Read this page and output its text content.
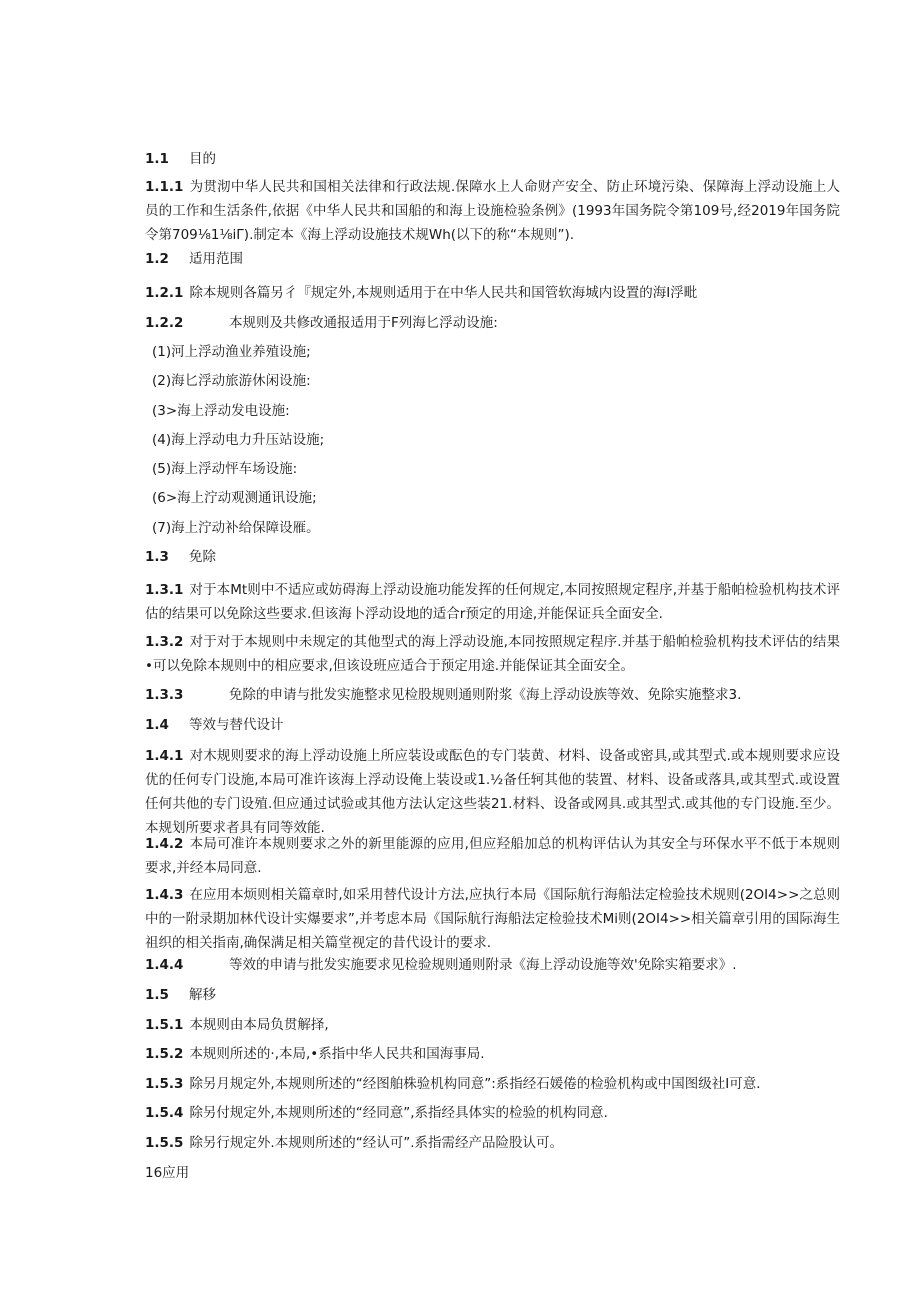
1.1 目的
1.1.1 为贯沏中华人民共和国相关法律和行政法规.保障水上人命财产安全、防止环境污染、保障海上浮动设施上人员的工作和生活条件,依据《中华人民共和国船的和海上设施检验条例》(1993年国务院令第109号,经2019年国务院令第709⅛1⅛iΓ).制定本《海上浮动设施技术规Wh(以下的称“本规则”).
1.2 适用范围
1.2.1 除本规则各篇另彳『规定外,本规则适用于在中华人民共和国管软海城内设置的海I浮毗
1.2.2	本规则及共修改通报适用于F列海匕浮动设施:
(1)河上浮动渔业养殖设施;
(2)海匕浮动旅游休闲设施:
(3>海上浮动发电设施:
(4)海上浮动电力升压站设施;
(5)海上浮动怦车场设施:
(6>海上泞动观测通讯设施;
(7)海上泞动补给保障设雁。
1.3 免除
1.3.1 对于本Mt则中不适应或妨碍海上浮动设施功能发挥的任何规定,本同按照规定程序,并基于船帕检验机构技术评估的结果可以免除这些要求.但该海卜浮动设地的适合r预定的用途,并能保证兵全面安全.
1.3.2 对于对于本规则中未规定的其他型式的海上浮动设施,本同按照规定程序.并基于船帕检验机构技术评估的结果•可以免除本规则中的相应要求,但该设班应适合于预定用途.并能保证其全面安全。
1.3.3	免除的申请与批发实施整求见检股规则通则附浆《海上浮动设族等效、免除实施整求3.
1.4 等效与替代设计
1.4.1 对木规则要求的海上浮动设施上所应装设或酝色的专门装黄、材料、设备或密具,或其型式.或本规则要求应设优的任何专门设施,本局可准许该海上浮动设俺上装设或1.½备任轲其他的装置、材料、设备或落具,或其型式.或设置任何共他的专门设殖.但应通过试验或其他方法认定这些装21.材料、设备或网具.或其型式.或其他的专门设施.至少。本规划所要求者具有同等效能.
1.4.2 本局可准许本规则要求之外的新里能源的应用,但应羟船加总的机构评估认为其安全与环保水平不低于本规则要求,并经本局同意.
1.4.3 在应用本烦则相关篇章时,如采用替代设计方法,应执行本局《国际航行海船法定检验技术规则(2OI4>>之总则中的一附录期加林代设计实爆要求”,并考虑本局《国际航行海船法定检验技术Mi则(2OI4>>相关篇章引用的国际海生祖织的相关指南,确保满足相关篇堂视定的昔代设计的要求.
1.4.4	等效的申请与批发实施要求见检验规则通则附录《海上浮动设施等效'免除实箱要求》.
1.5 解移
1.5.1 本规则由本局负贯解择,
1.5.2 本规则所述的·,本局,•系指中华人民共和国海事局.
1.5.3 除另月规定外,本规则所述的“经图舶株验机构同意”:系指经石媛倦的检验机构或中国图级社I可意.
1.5.4 除另付规定外,本规则所述的“经同意”,系指经具体实的检验的机构同意.
1.5.5 除另行规定外.本规则所述的“经认可”.系指需经产品险股认可。
16应用
